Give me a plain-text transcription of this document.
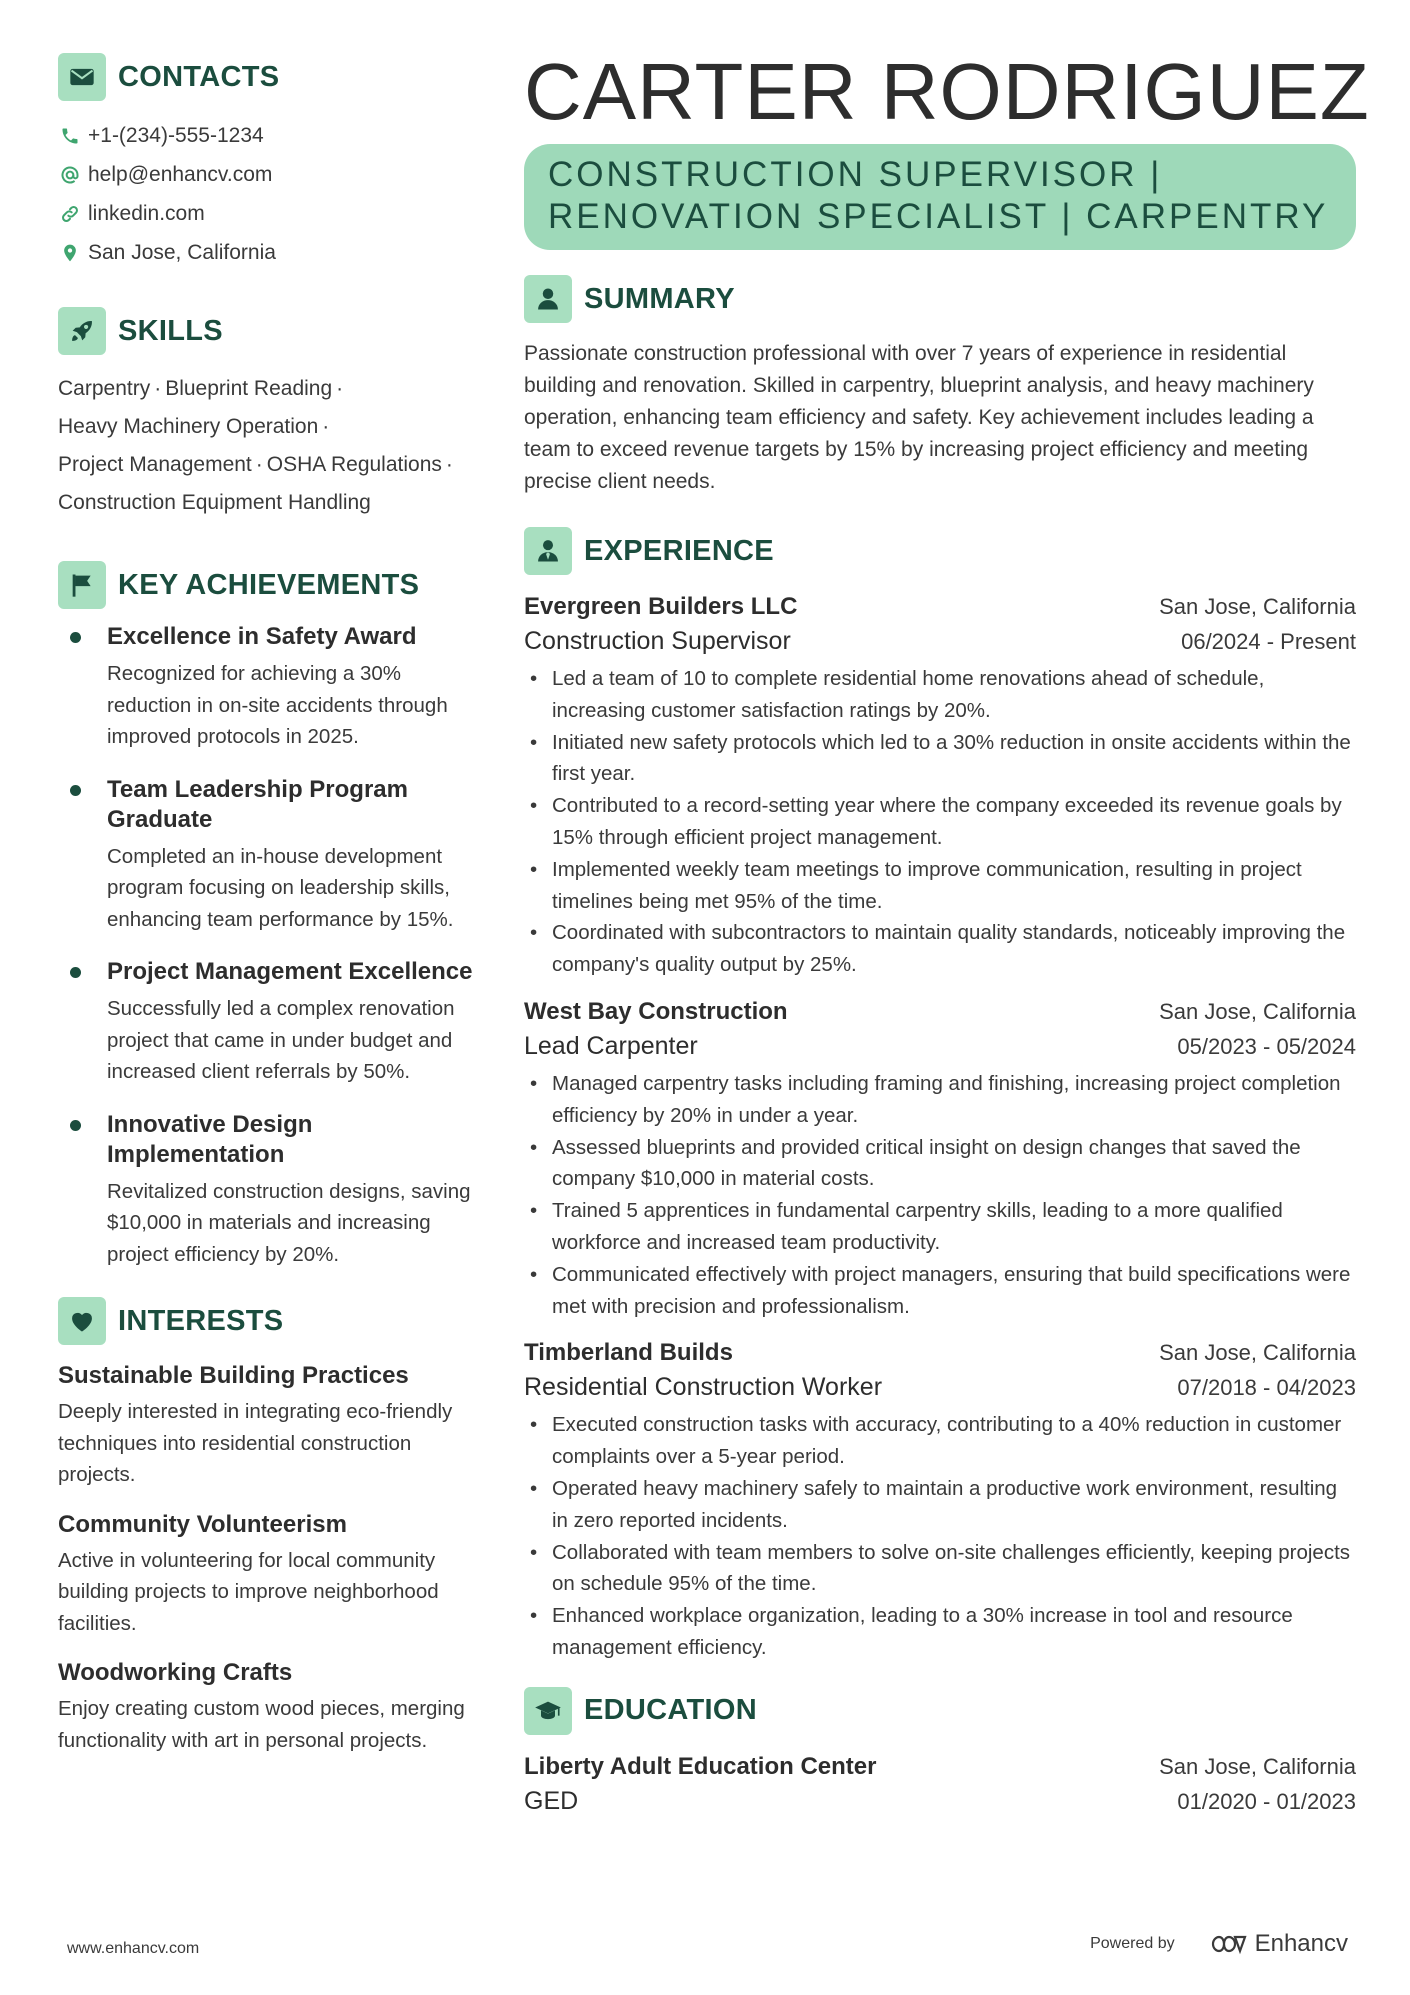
CONTACTS
+1-(234)-555-1234
help@enhancv.com
linkedin.com
San Jose, California
SKILLS
Carpentry · Blueprint Reading ·
Heavy Machinery Operation ·
Project Management · OSHA Regulations ·
Construction Equipment Handling
KEY ACHIEVEMENTS
Excellence in Safety Award
Recognized for achieving a 30% reduction in on-site accidents through improved protocols in 2025.
Team Leadership Program Graduate
Completed an in-house development program focusing on leadership skills, enhancing team performance by 15%.
Project Management Excellence
Successfully led a complex renovation project that came in under budget and increased client referrals by 50%.
Innovative Design Implementation
Revitalized construction designs, saving $10,000 in materials and increasing project efficiency by 20%.
INTERESTS
Sustainable Building Practices
Deeply interested in integrating eco-friendly techniques into residential construction projects.
Community Volunteerism
Active in volunteering for local community building projects to improve neighborhood facilities.
Woodworking Crafts
Enjoy creating custom wood pieces, merging functionality with art in personal projects.
CARTER RODRIGUEZ
CONSTRUCTION SUPERVISOR |
RENOVATION SPECIALIST | CARPENTRY
SUMMARY
Passionate construction professional with over 7 years of experience in residential building and renovation. Skilled in carpentry, blueprint analysis, and heavy machinery operation, enhancing team efficiency and safety. Key achievement includes leading a team to exceed revenue targets by 15% by increasing project efficiency and meeting precise client needs.
EXPERIENCE
Evergreen Builders LLC	San Jose, California
Construction Supervisor	06/2024 - Present
• Led a team of 10 to complete residential home renovations ahead of schedule, increasing customer satisfaction ratings by 20%.
• Initiated new safety protocols which led to a 30% reduction in onsite accidents within the first year.
• Contributed to a record-setting year where the company exceeded its revenue goals by 15% through efficient project management.
• Implemented weekly team meetings to improve communication, resulting in project timelines being met 95% of the time.
• Coordinated with subcontractors to maintain quality standards, noticeably improving the company's quality output by 25%.
West Bay Construction	San Jose, California
Lead Carpenter	05/2023 - 05/2024
• Managed carpentry tasks including framing and finishing, increasing project completion efficiency by 20% in under a year.
• Assessed blueprints and provided critical insight on design changes that saved the company $10,000 in material costs.
• Trained 5 apprentices in fundamental carpentry skills, leading to a more qualified workforce and increased team productivity.
• Communicated effectively with project managers, ensuring that build specifications were met with precision and professionalism.
Timberland Builds	San Jose, California
Residential Construction Worker	07/2018 - 04/2023
• Executed construction tasks with accuracy, contributing to a 40% reduction in customer complaints over a 5-year period.
• Operated heavy machinery safely to maintain a productive work environment, resulting in zero reported incidents.
• Collaborated with team members to solve on-site challenges efficiently, keeping projects on schedule 95% of the time.
• Enhanced workplace organization, leading to a 30% increase in tool and resource management efficiency.
EDUCATION
Liberty Adult Education Center	San Jose, California
GED	01/2020 - 01/2023
www.enhancv.com	Powered by	Enhancv
